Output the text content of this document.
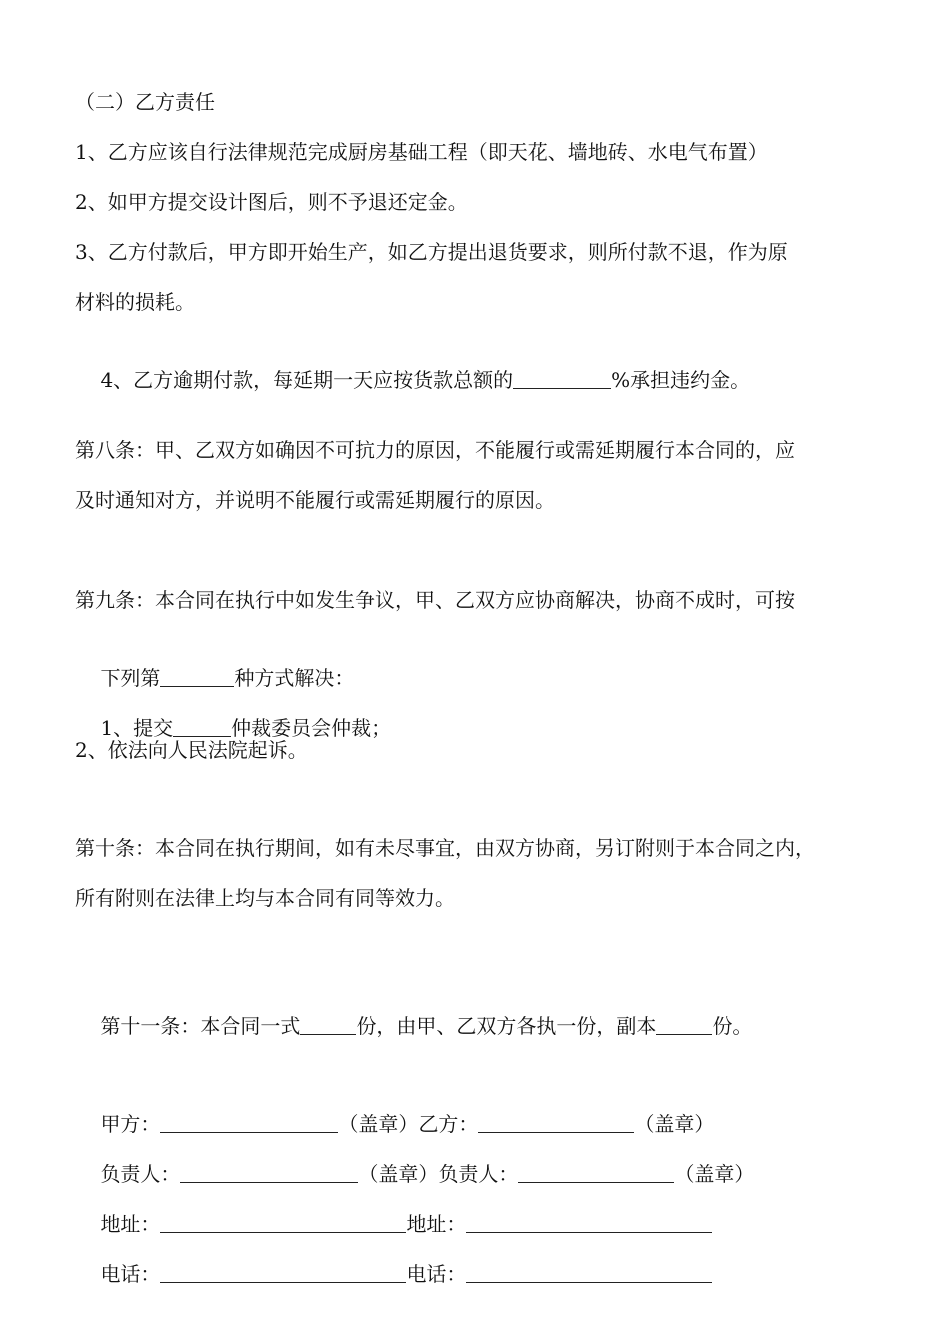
（二）乙方责任
1、乙方应该自行法律规范完成厨房基础工程（即天花、墙地砖、水电气布置）
2、如甲方提交设计图后，则不予退还定金。
3、乙方付款后，甲方即开始生产，如乙方提出退货要求，则所付款不退，作为原
材料的损耗。

4、乙方逾期付款，每延期一天应按货款总额的	%承担违约金。

第八条：甲、乙双方如确因不可抗力的原因，不能履行或需延期履行本合同的，应
及时通知对方，并说明不能履行或需延期履行的原因。
第九条：本合同在执行中如发生争议，甲、乙双方应协商解决，协商不成时，可按

下列第	种方式解决：

1、提交	仲裁委员会仲裁；

2、依法向人民法院起诉。
第十条：本合同在执行期间，如有未尽事宜，由双方协商，另订附则于本合同之内，
所有附则在法律上均与本合同有同等效力。

第十一条：本合同一式	份，由甲、乙双方各执一份，副本	份。

甲方：	（盖章）乙方：	（盖章）

负责人：	（盖章）负责人：	（盖章）

地址：	地址：

电话：	电话：
